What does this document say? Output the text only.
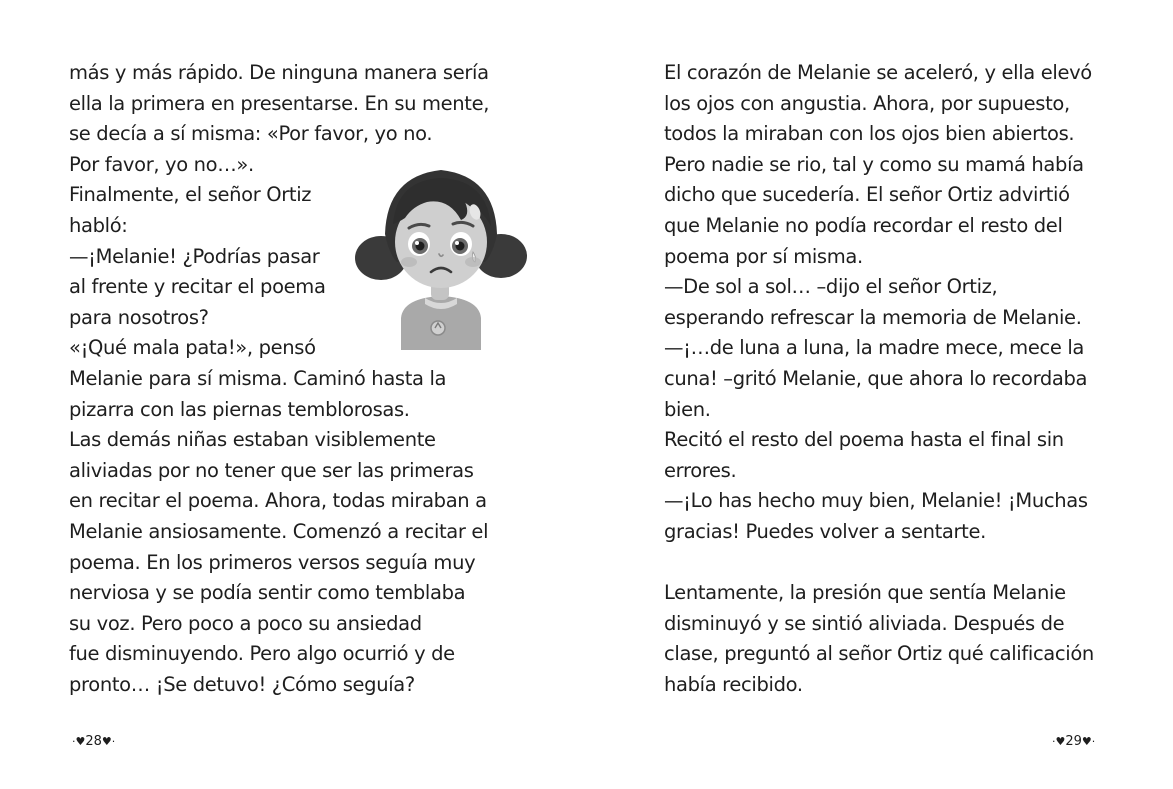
más y más rápido. De ninguna manera sería
ella la primera en presentarse. En su mente,
se decía a sí misma: «Por favor, yo no.
Por favor, yo no…».
Finalmente, el señor Ortiz
habló:
—¡Melanie! ¿Podrías pasar
al frente y recitar el poema
para nosotros?
«¡Qué mala pata!», pensó
Melanie para sí misma. Caminó hasta la
pizarra con las piernas temblorosas.
Las demás niñas estaban visiblemente
aliviadas por no tener que ser las primeras
en recitar el poema. Ahora, todas miraban a
Melanie ansiosamente. Comenzó a recitar el
poema. En los primeros versos seguía muy
nerviosa y se podía sentir como temblaba
su voz. Pero poco a poco su ansiedad
fue disminuyendo. Pero algo ocurrió y de
pronto… ¡Se detuvo! ¿Cómo seguía?
El corazón de Melanie se aceleró, y ella elevó
los ojos con angustia. Ahora, por supuesto,
todos la miraban con los ojos bien abiertos.
Pero nadie se rio, tal y como su mamá había
dicho que sucedería. El señor Ortiz advirtió
que Melanie no podía recordar el resto del
poema por sí misma.
—De sol a sol… –dijo el señor Ortiz,
esperando refrescar la memoria de Melanie.
—¡…de luna a luna, la madre mece, mece la
cuna! –gritó Melanie, que ahora lo recordaba
bien.
Recitó el resto del poema hasta el final sin
errores.
—¡Lo has hecho muy bien, Melanie! ¡Muchas
gracias! Puedes volver a sentarte.
Lentamente, la presión que sentía Melanie
disminuyó y se sintió aliviada. Después de
clase, preguntó al señor Ortiz qué calificación
había recibido.
·♥28♥·	·♥29♥·
